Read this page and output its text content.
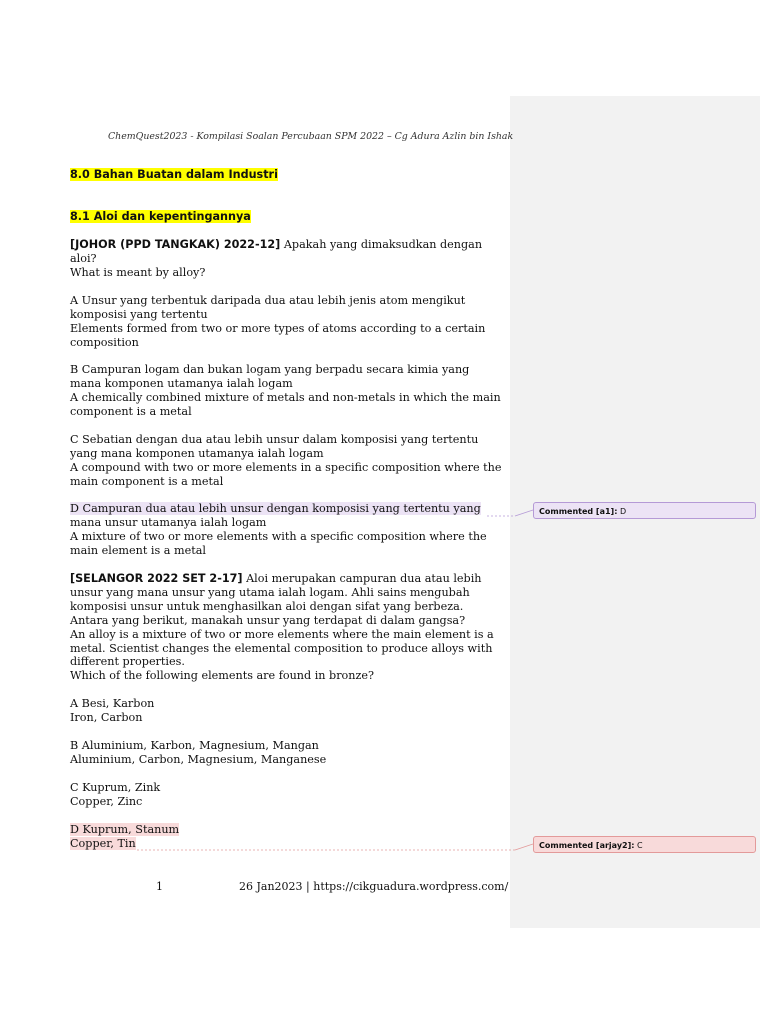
ChemQuest2023 - Kompilasi Soalan Percubaan SPM 2022 – Cg Adura Azlin bin Ishak
8.0 Bahan Buatan dalam Industri
8.1 Aloi dan kepentingannya
[JOHOR (PPD TANGKAK) 2022-12] Apakah yang dimaksudkan dengan
aloi?
What is meant by alloy?
A Unsur yang terbentuk daripada dua atau lebih jenis atom mengikut
komposisi yang tertentu
Elements formed from two or more types of atoms according to a certain
composition
B Campuran logam dan bukan logam yang berpadu secara kimia yang
mana komponen utamanya ialah logam
A chemically combined mixture of metals and non-metals in which the main
component is a metal
C Sebatian dengan dua atau lebih unsur dalam komposisi yang tertentu
yang mana komponen utamanya ialah logam
A compound with two or more elements in a specific composition where the
main component is a metal
D Campuran dua atau lebih unsur dengan komposisi yang tertentu yang
mana unsur utamanya ialah logam
A mixture of two or more elements with a specific composition where the
main element is a metal
[SELANGOR 2022 SET 2-17] Aloi merupakan campuran dua atau lebih
unsur yang mana unsur yang utama ialah logam. Ahli sains mengubah
komposisi unsur untuk menghasilkan aloi dengan sifat yang berbeza.
Antara yang berikut, manakah unsur yang terdapat di dalam gangsa?
An alloy is a mixture of two or more elements where the main element is a
metal. Scientist changes the elemental composition to produce alloys with
different properties.
Which of the following elements are found in bronze?
A Besi, Karbon
Iron, Carbon
B Aluminium, Karbon, Magnesium, Mangan
Aluminium, Carbon, Magnesium, Manganese
C Kuprum, Zink
Copper, Zinc
D Kuprum, Stanum
Copper, Tin
Commented [a1]: D
Commented [arjay2]: C
1	26 Jan2023 | https://cikguadura.wordpress.com/
